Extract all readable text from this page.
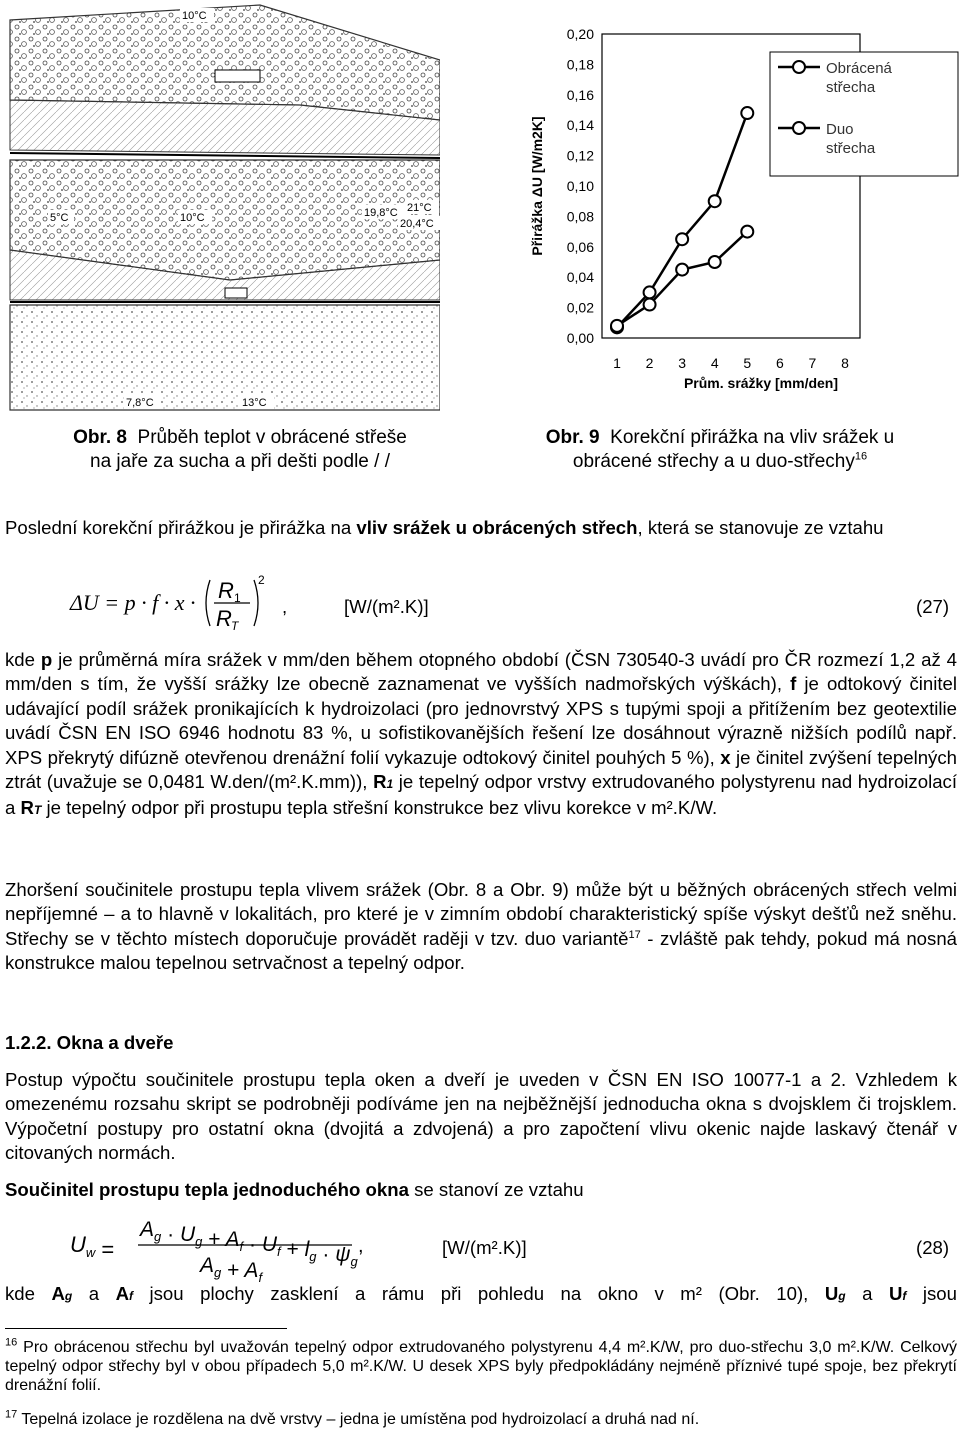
10°C
5°C	10°C	19,8°C 21°C
20,4°C
7,8°C	13°C
Obr. 8 Průběh teplot v obrácené střeše
na jaře za sucha a při dešti podle / /
Přirážka ΔU [W/m2K]
0,00
0,02
0,04
0,06
0,08
0,10
0,12
0,14
0,16
0,18
0,20
1 2 3 4 5 6 7 8
Prům. srážky [mm/den]
Obrácená
střecha
Duo
střecha
Obr. 9 Korekční přirážka na vliv srážek u
obrácené střechy a u duo-střechy$^{16}$
Poslední korekční přirážkou je přirážka na vliv srážek u obrácených střech, která se stanovuje ze vztahu
ΔU = p · f · x · R 1
R T
2
,	[W/(m².K)]	(27)
kde p je průměrná míra srážek v mm/den během otopného období (ČSN 730540-3 uvádí pro ČR rozmezí 1,2 až 4 mm/den s tím, že vyšší srážky lze obecně zaznamenat ve vyšších nadmořských výškách), f je odtokový činitel udávající podíl srážek pronikajících k hydroizolaci (pro jednovrstvý XPS s tupými spoji a přitížením bez geotextilie uvádí ČSN EN ISO 6946 hodnotu 83 %, u sofistikovanějších řešení lze dosáhnout výrazně nižších podílů např. XPS překrytý difúzně otevřenou drenážní folií vykazuje odtokový činitel pouhých 5 %), x je činitel zvýšení tepelných ztrát (uvažuje se 0,0481 W.den/(m².K.mm)), R1 je tepelný odpor vrstvy extrudovaného polystyrenu nad hydroizolací a RT je tepelný odpor při prostupu tepla střešní konstrukce bez vlivu korekce v m².K/W.
Zhoršení součinitele prostupu tepla vlivem srážek (Obr. 8 a Obr. 9) může být u běžných obrácených střech velmi nepříjemné – a to hlavně v lokalitách, pro které je v zimním období charakteristický spíše výskyt dešťů než sněhu. Střechy se v těchto místech doporučuje provádět raději v tzv. duo variantě$^{17}$ - zvláště pak tehdy, pokud má nosná konstrukce malou tepelnou setrvačnost a tepelný odpor.
1.2.2. Okna a dveře
Postup výpočtu součinitele prostupu tepla oken a dveří je uveden v ČSN EN ISO 10077-1 a 2. Vzhledem k omezenému rozsahu skript se podrobněji podíváme jen na nejběžnější jednoducha okna s dvojsklem či trojsklem. Výpočetní postupy pro ostatní okna (dvojitá a zdvojená) a pro započtení vlivu okenic najde laskavý čtenář v citovaných normách.
Součinitel prostupu tepla jednoduchého okna se stanoví ze vztahu
$U_w$ =
$A_g \cdot U_g + A_f \cdot U_f + l_g \cdot \psi_g$
$A_g + A_f$
,	[W/(m².K)]	(28)
kde Ag a Af jsou plochy zasklení a rámu při pohledu na okno v m² (Obr. 10), Ug a Uf jsou
$^{16}$ Pro obrácenou střechu byl uvažován tepelný odpor extrudovaného polystyrenu 4,4 m².K/W, pro duo-střechu 3,0 m².K/W. Celkový tepelný odpor střechy byl v obou případech 5,0 m².K/W. U desek XPS byly předpokládány nejméně příznivé tupé spoje, bez překrytí drenážní folií.
$^{17}$ Tepelná izolace je rozdělena na dvě vrstvy – jedna je umístěna pod hydroizolací a druhá nad ní.
